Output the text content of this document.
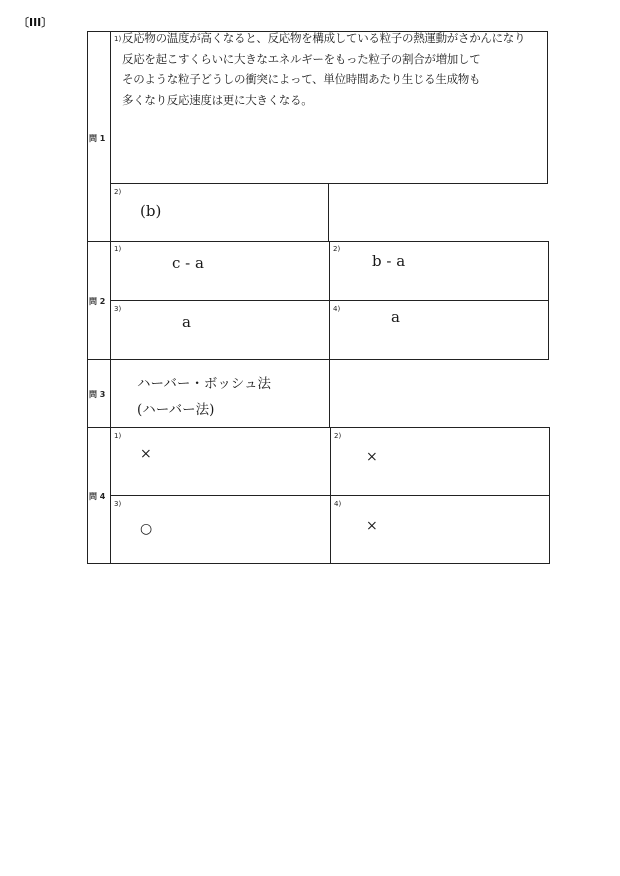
〔III〕
問 1
問 2
問 3
問 4
1) 反応物の温度が高くなると、反応物を構成している粒子の熱運動がさかんになり
反応を起こすくらいに大きなエネルギーをもった粒子の割合が増加して
そのような粒子どうしの衝突によって、単位時間あたり生じる生成物も
多くなり反応速度は更に大きくなる。
2)
(b)
1)
c - a
2)
b - a
3)
a
4)	a
ハーバー・ボッシュ法
(ハーバー法)
1)
×
2)
×
3)
○
4)
×
